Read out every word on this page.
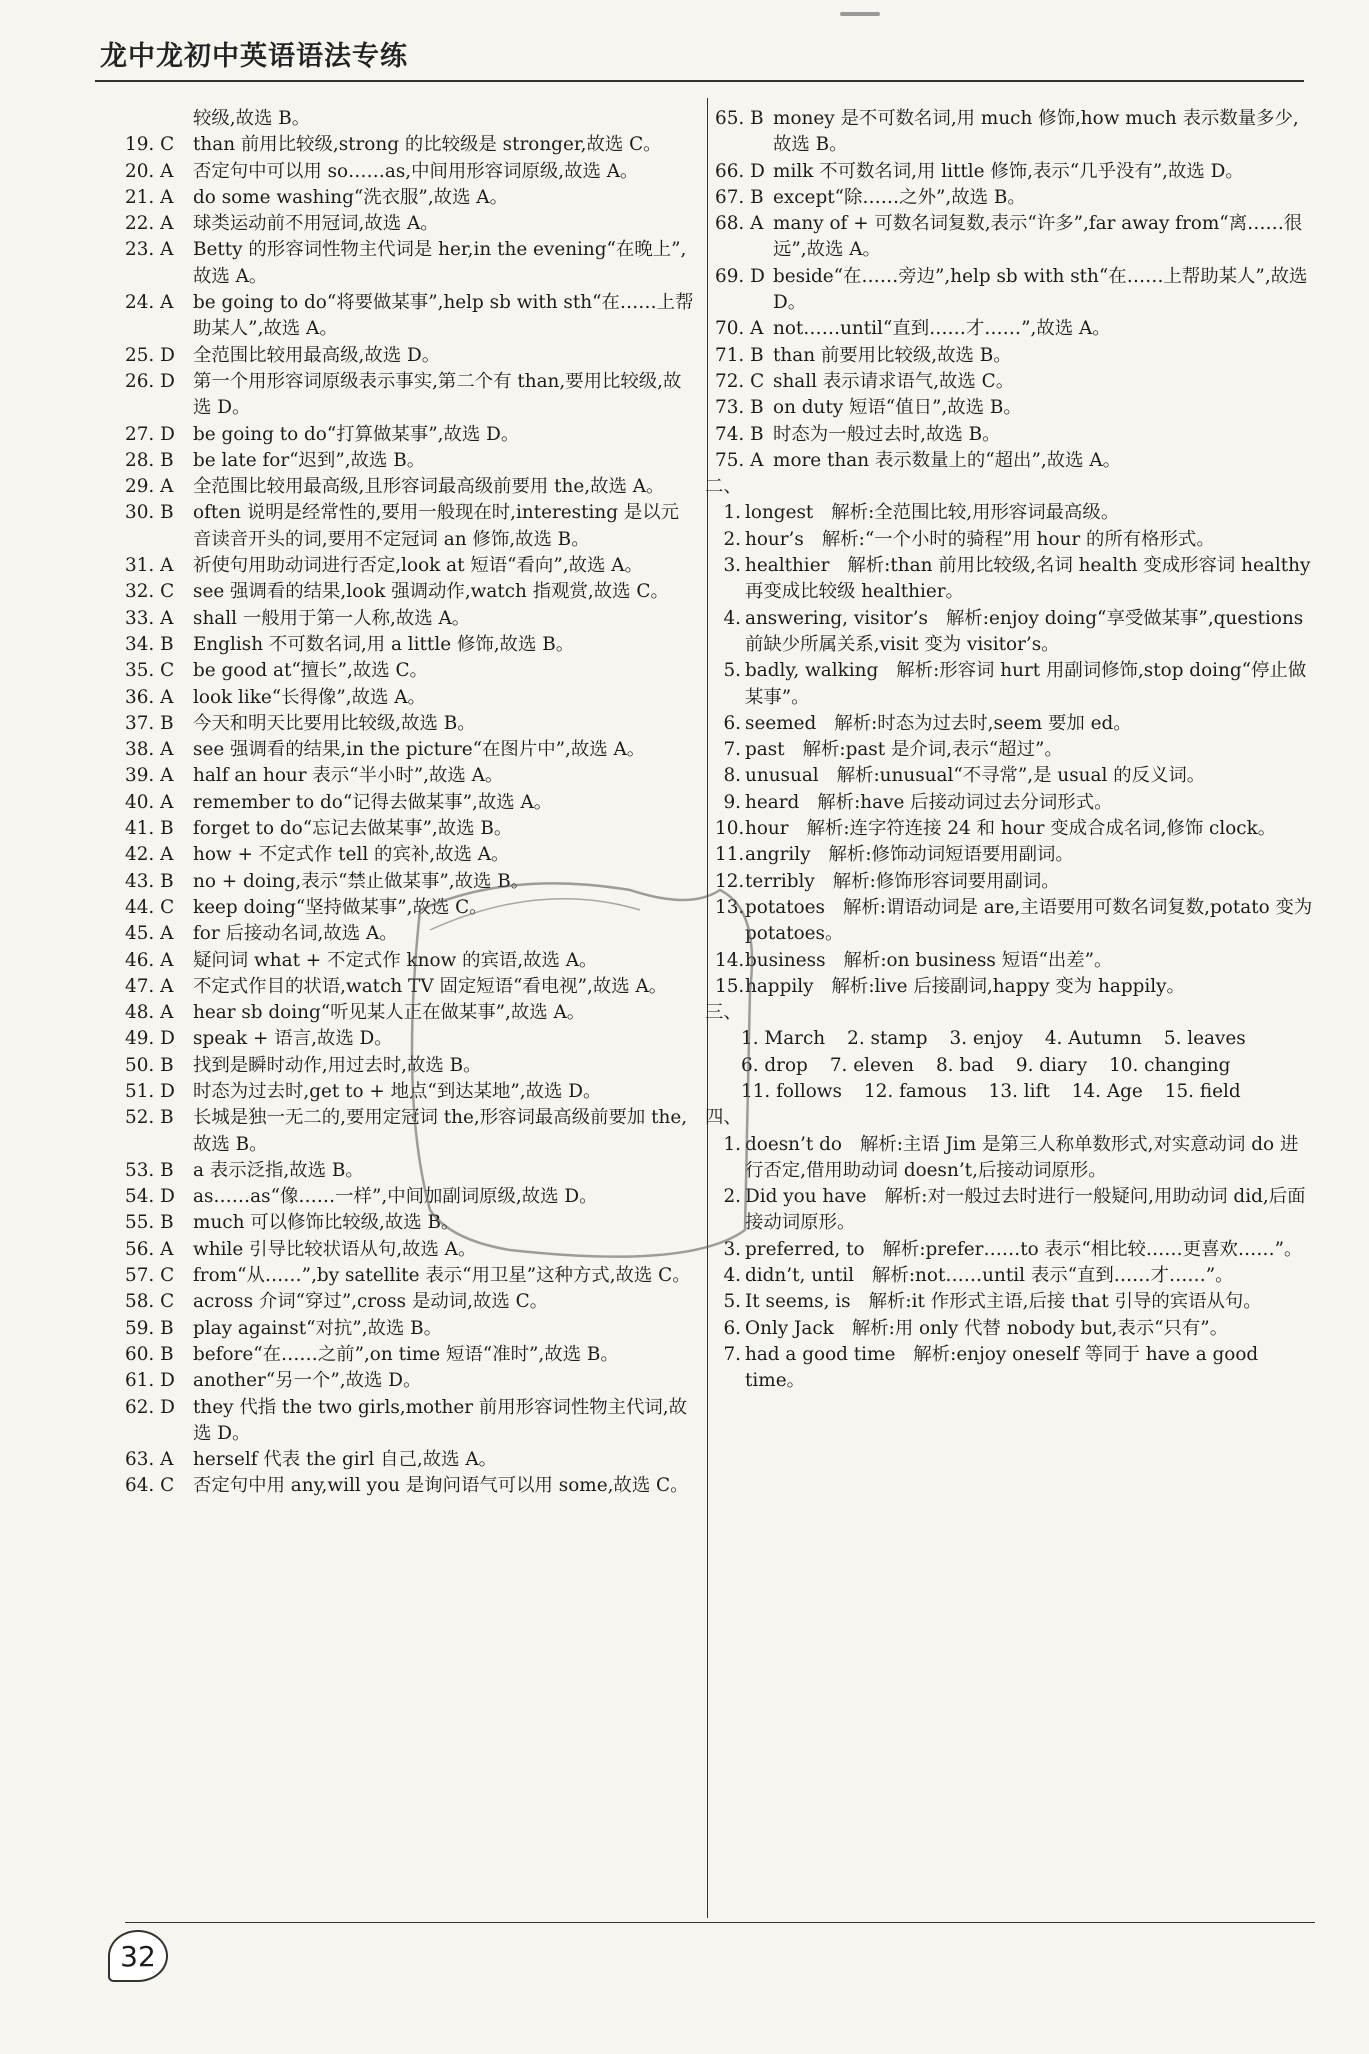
龙中龙初中英语语法专练
较级,故选 B。
19. C	than 前用比较级,strong 的比较级是 stronger,故选 C。
20. A	否定句中可以用 so……as,中间用形容词原级,故选 A。
21. A	do some washing“洗衣服”,故选 A。
22. A	球类运动前不用冠词,故选 A。
23. A	Betty 的形容词性物主代词是 her,in the evening“在晚上”,故选 A。
24. A	be going to do“将要做某事”,help sb with sth“在……上帮助某人”,故选 A。
25. D 全范围比较用最高级,故选 D。
26. D 第一个用形容词原级表示事实,第二个有 than,要用比较级,故选 D。
27. D be going to do“打算做某事”,故选 D。
28. B	be late for“迟到”,故选 B。
29. A	全范围比较用最高级,且形容词最高级前要用 the,故选 A。
30. B	often 说明是经常性的,要用一般现在时,interesting 是以元音读音开头的词,要用不定冠词 an 修饰,故选 B。
31. A	祈使句用助动词进行否定,look at 短语“看向”,故选 A。
32. C	see 强调看的结果,look 强调动作,watch 指观赏,故选 C。
33. A	shall 一般用于第一人称,故选 A。
34. B	English 不可数名词,用 a little 修饰,故选 B。
35. C	be good at“擅长”,故选 C。
36. A	look like“长得像”,故选 A。
37. B	今天和明天比要用比较级,故选 B。
38. A	see 强调看的结果,in the picture“在图片中”,故选 A。
39. A	half an hour 表示“半小时”,故选 A。
40. A	remember to do“记得去做某事”,故选 A。
41. B	forget to do“忘记去做某事”,故选 B。
42. A	how + 不定式作 tell 的宾补,故选 A。
43. B	no + doing,表示“禁止做某事”,故选 B。
44. C	keep doing“坚持做某事”,故选 C。
45. A	for 后接动名词,故选 A。
46. A	疑问词 what + 不定式作 know 的宾语,故选 A。
47. A	不定式作目的状语,watch TV 固定短语“看电视”,故选 A。
48. A	hear sb doing“听见某人正在做某事”,故选 A。
49. D speak + 语言,故选 D。
50. B	找到是瞬时动作,用过去时,故选 B。
51. D 时态为过去时,get to + 地点“到达某地”,故选 D。
52. B	长城是独一无二的,要用定冠词 the,形容词最高级前要加 the,故选 B。
53. B	a 表示泛指,故选 B。
54. D as……as“像……一样”,中间加副词原级,故选 D。
55. B	much 可以修饰比较级,故选 B。
56. A	while 引导比较状语从句,故选 A。
57. C	from“从……”,by satellite 表示“用卫星”这种方式,故选 C。
58. C	across 介词“穿过”,cross 是动词,故选 C。
59. B	play against“对抗”,故选 B。
60. B	before“在……之前”,on time 短语“准时”,故选 B。
61. D another“另一个”,故选 D。
62. D they 代指 the two girls,mother 前用形容词性物主代词,故选 D。
63. A	herself 代表 the girl 自己,故选 A。
64. C	否定句中用 any,will you 是询问语气可以用 some,故选 C。
65. B money 是不可数名词,用 much 修饰,how much 表示数量多少,故选 B。
66. D milk 不可数名词,用 little 修饰,表示“几乎没有”,故选 D。
67. B except“除……之外”,故选 B。
68. A many of + 可数名词复数,表示“许多”,far away from“离……很远”,故选 A。
69. D beside“在……旁边”,help sb with sth“在……上帮助某人”,故选 D。
70. A not……until“直到……才……”,故选 A。
71. B than 前要用比较级,故选 B。
72. C shall 表示请求语气,故选 C。
73. B on duty 短语“值日”,故选 B。
74. B 时态为一般过去时,故选 B。
75. A more than 表示数量上的“超出”,故选 A。
二、
1. longest 解析:全范围比较,用形容词最高级。
2. hour’s 解析:“一个小时的骑程”用 hour 的所有格形式。
3. healthier 解析:than 前用比较级,名词 health 变成形容词 healthy 再变成比较级 healthier。
4. answering, visitor’s 解析:enjoy doing“享受做某事”,questions 前缺少所属关系,visit 变为 visitor’s。
5. badly, walking 解析:形容词 hurt 用副词修饰,stop doing“停止做某事”。
6. seemed 解析:时态为过去时,seem 要加 ed。
7. past 解析:past 是介词,表示“超过”。
8. unusual 解析:unusual“不寻常”,是 usual 的反义词。
9. heard 解析:have 后接动词过去分词形式。
10. hour 解析:连字符连接 24 和 hour 变成合成名词,修饰 clock。
11. angrily 解析:修饰动词短语要用副词。
12. terribly 解析:修饰形容词要用副词。
13. potatoes 解析:谓语动词是 are,主语要用可数名词复数,potato 变为 potatoes。
14. business 解析:on business 短语“出差”。
15. happily 解析:live 后接副词,happy 变为 happily。
三、
1. March 2. stamp 3. enjoy 4. Autumn 5. leaves
6. drop 7. eleven 8. bad 9. diary 10. changing
11. follows 12. famous 13. lift 14. Age 15. field
四、
1. doesn’t do 解析:主语 Jim 是第三人称单数形式,对实意动词 do 进行否定,借用助动词 doesn’t,后接动词原形。
2. Did you have 解析:对一般过去时进行一般疑问,用助动词 did,后面接动词原形。
3. preferred, to 解析:prefer……to 表示“相比较……更喜欢……”。
4. didn’t, until 解析:not……until 表示“直到……才……”。
5. It seems, is 解析:it 作形式主语,后接 that 引导的宾语从句。
6. Only Jack 解析:用 only 代替 nobody but,表示“只有”。
7. had a good time 解析:enjoy oneself 等同于 have a good time。
32
